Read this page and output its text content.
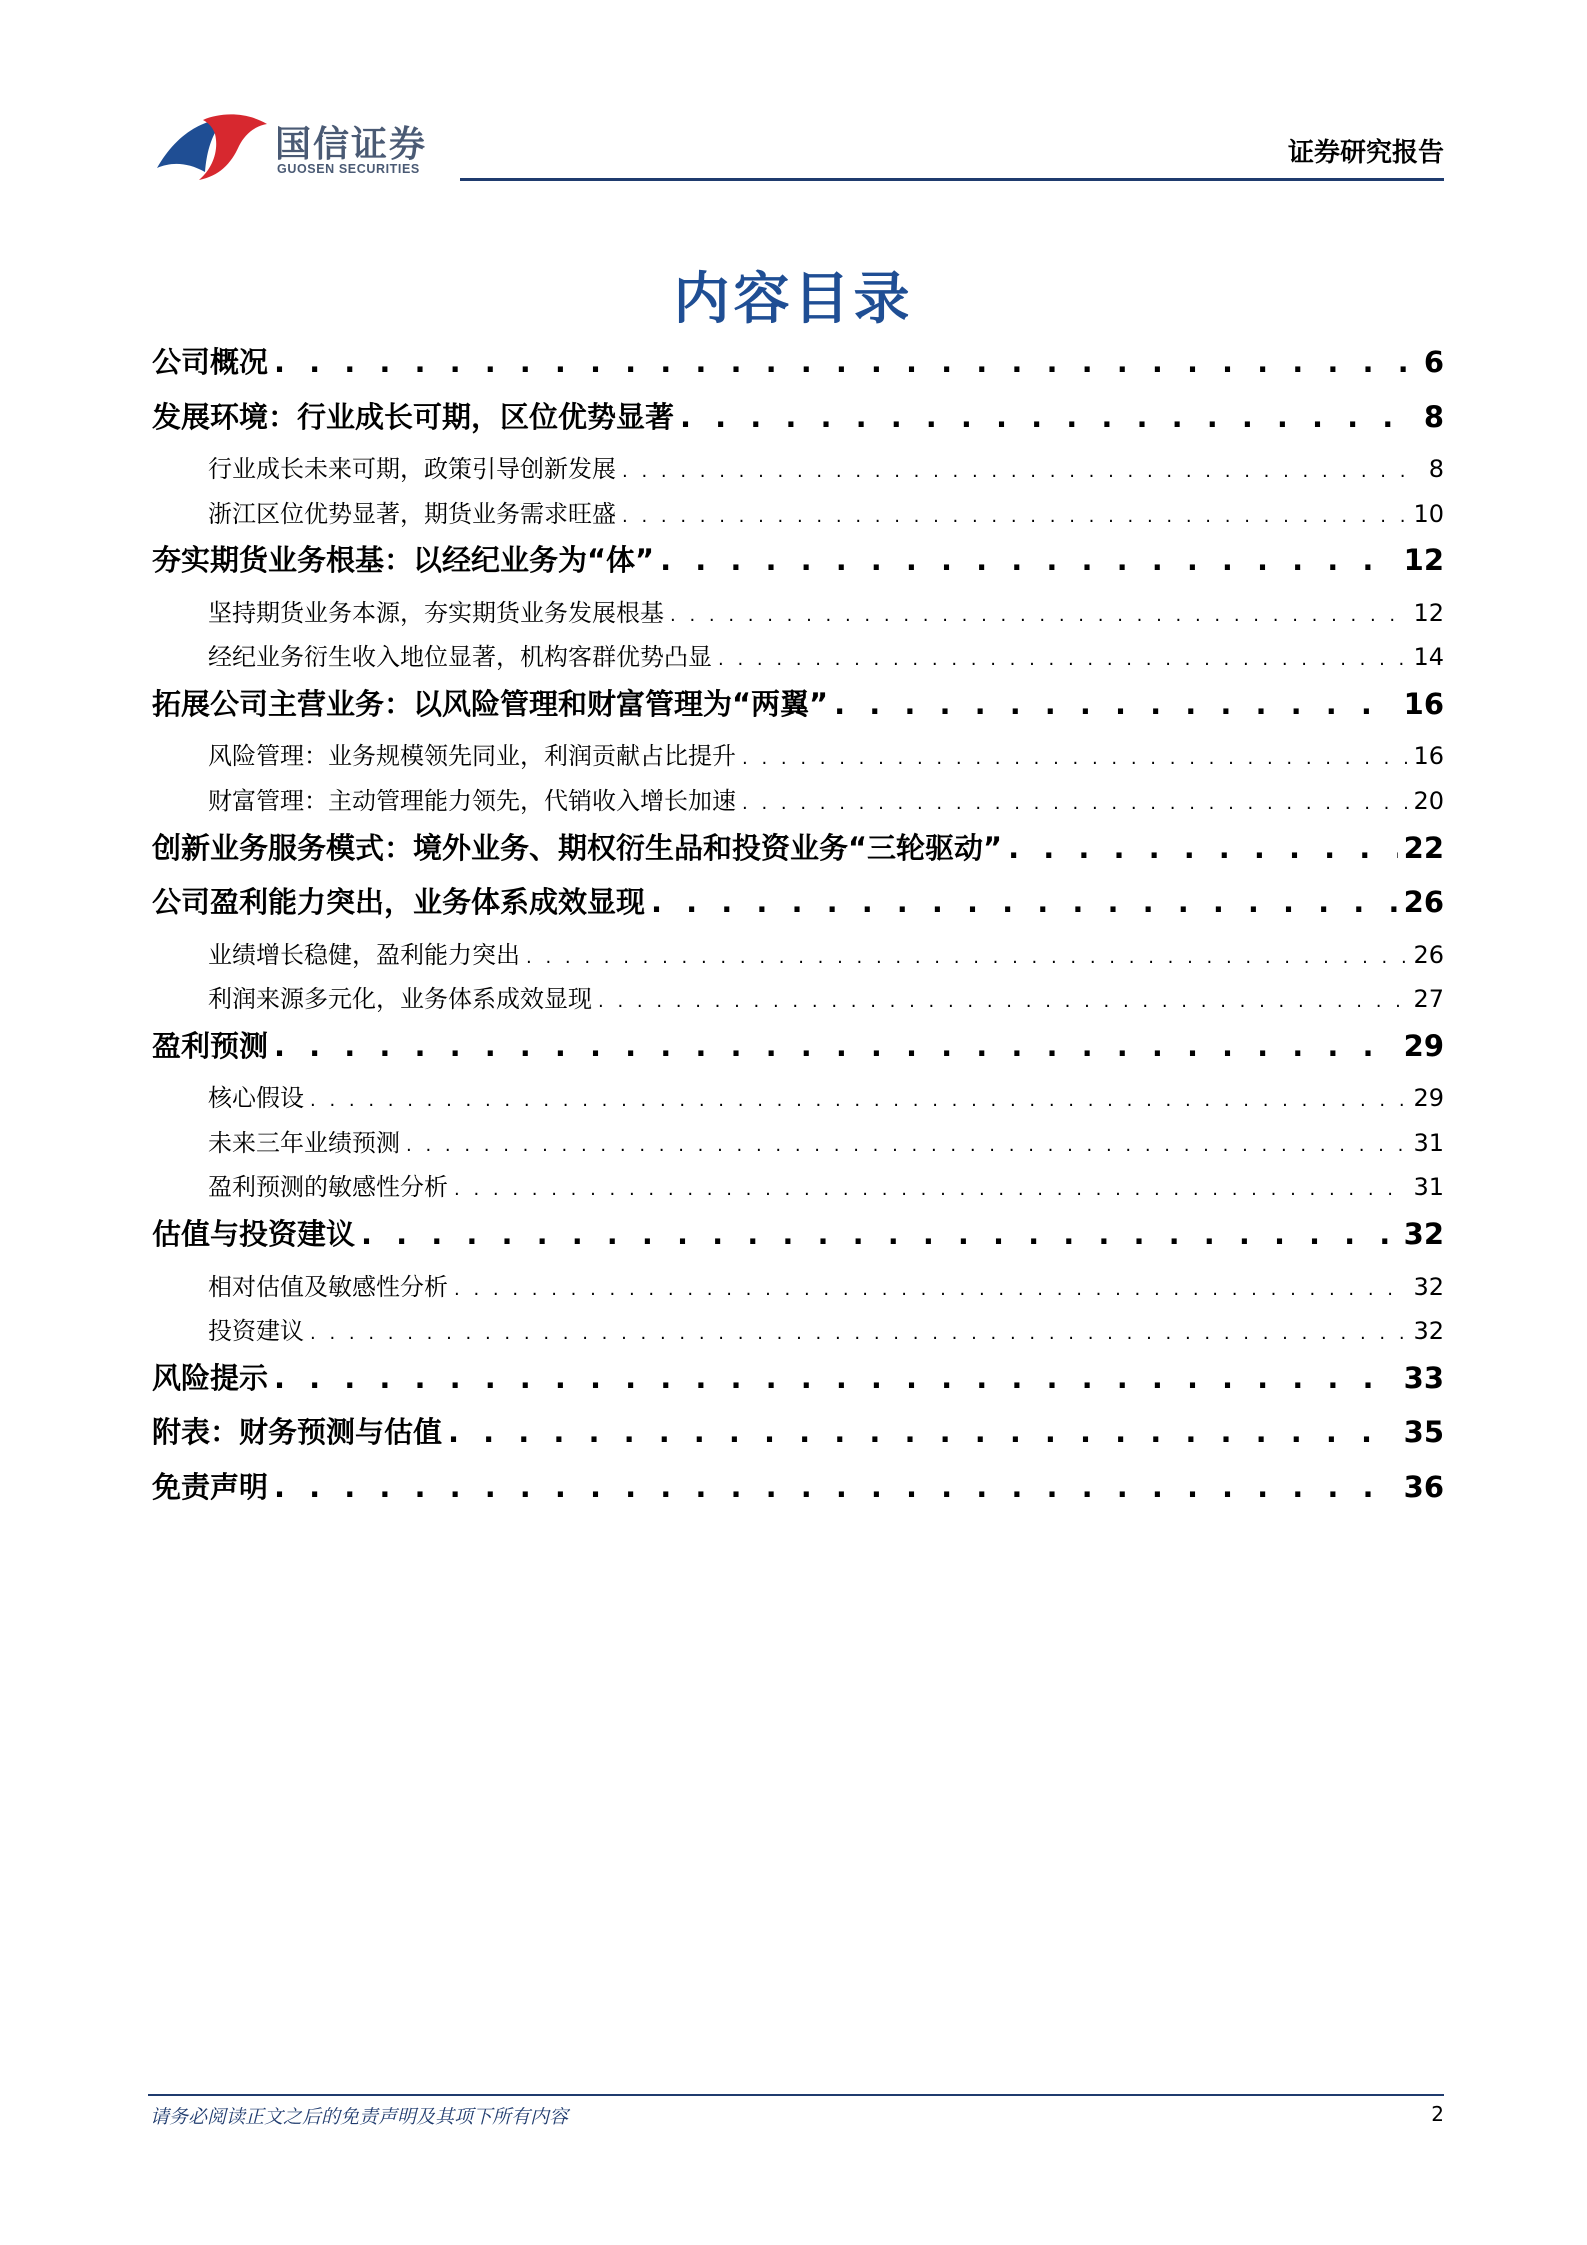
国信证券
GUOSEN SECURITIES
证券研究报告
内容目录
公司概况 . . .	6
发展环境：行业成长可期，区位优势显著 . . .	8
行业成长未来可期，政策引导创新发展 . . .	8
浙江区位优势显著，期货业务需求旺盛 . . .	10
夯实期货业务根基：以经纪业务为“体” . . .	12
坚持期货业务本源，夯实期货业务发展根基 . . .	12
经纪业务衍生收入地位显著，机构客群优势凸显 . . .	14
拓展公司主营业务：以风险管理和财富管理为“两翼” . . .	16
风险管理：业务规模领先同业，利润贡献占比提升 . . .	16
财富管理：主动管理能力领先，代销收入增长加速 . . .	20
创新业务服务模式：境外业务、期权衍生品和投资业务“三轮驱动” . . .	22
公司盈利能力突出，业务体系成效显现 . . .	26
业绩增长稳健，盈利能力突出 . . .	26
利润来源多元化，业务体系成效显现 . . .	27
盈利预测 . . .	29
核心假设 . . .	29
未来三年业绩预测 . . .	31
盈利预测的敏感性分析 . . .	31
估值与投资建议 . . .	32
相对估值及敏感性分析 . . .	32
投资建议 . . .	32
风险提示 . . .	33
附表：财务预测与估值 . . .	35
免责声明 . . .	36
请务必阅读正文之后的免责声明及其项下所有内容	2
